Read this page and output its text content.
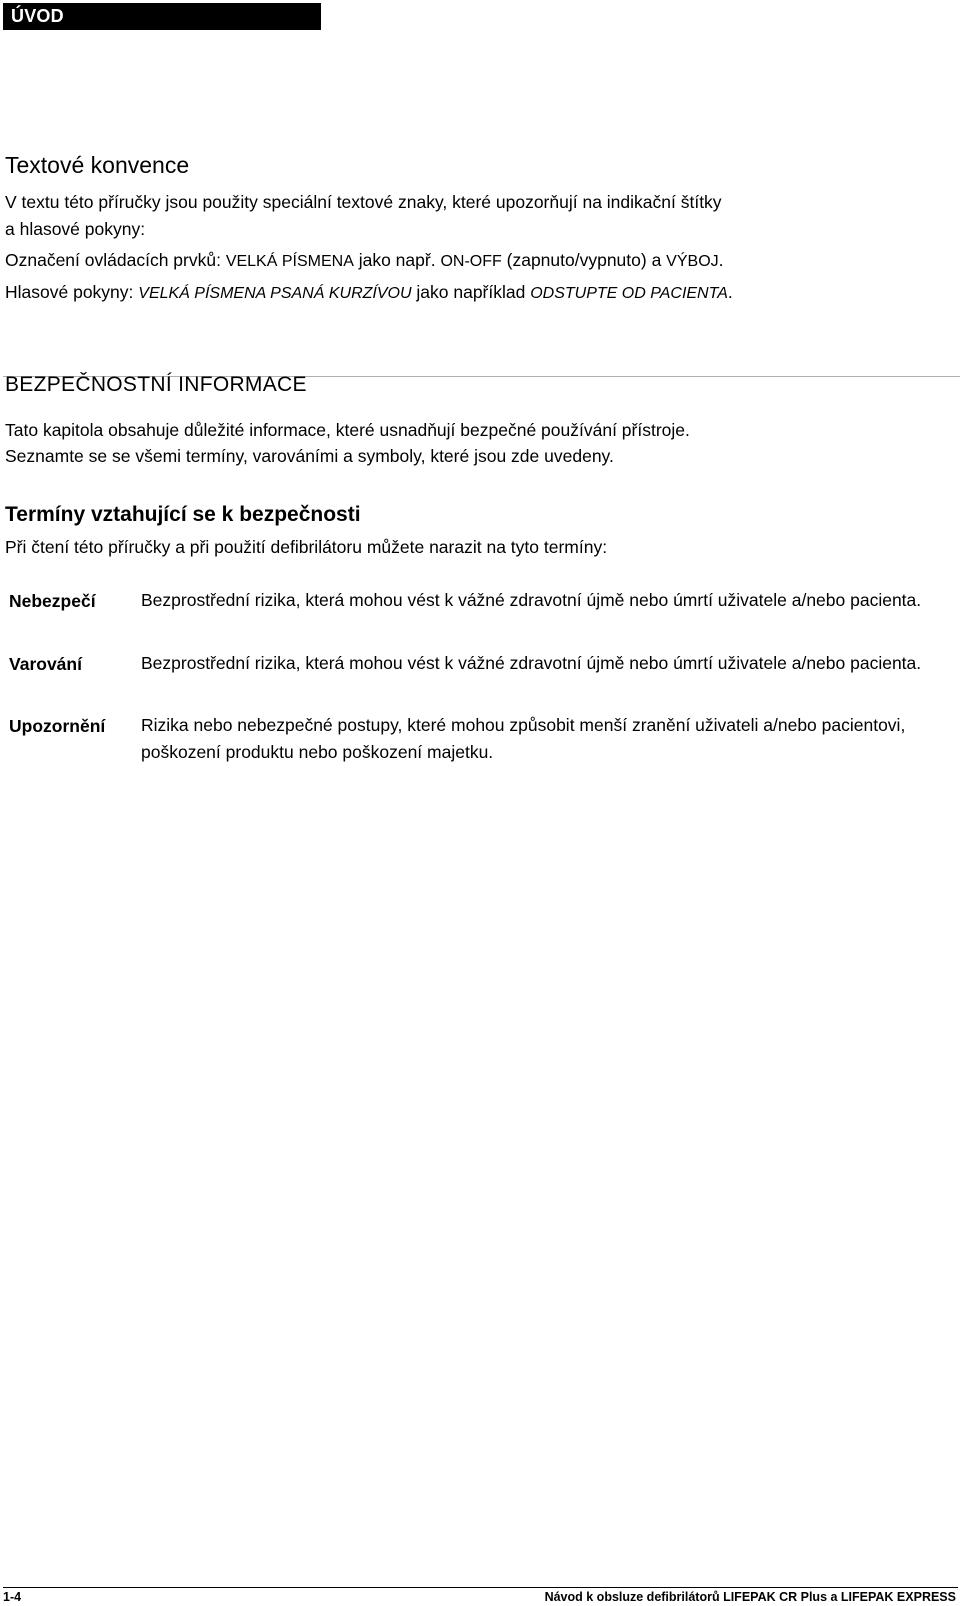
ÚVOD
Textové konvence
V textu této příručky jsou použity speciální textové znaky, které upozorňují na indikační štítky
a hlasové pokyny:
Označení ovládacích prvků: VELKÁ PÍSMENA jako např. ON-OFF (zapnuto/vypnuto) a VÝBOJ.
Hlasové pokyny: VELKÁ PÍSMENA PSANÁ KURZÍVOU jako například ODSTUPTE OD PACIENTA.
BEZPEČNOSTNÍ INFORMACE
Tato kapitola obsahuje důležité informace, které usnadňují bezpečné používání přístroje.
Seznamte se se všemi termíny, varováními a symboly, které jsou zde uvedeny.
Termíny vztahující se k bezpečnosti
Při čtení této příručky a při použití defibrilátoru můžete narazit na tyto termíny:
Nebezpečí	Bezprostřední rizika, která mohou vést k vážné zdravotní újmě nebo úmrtí uživatele a/nebo pacienta.
Varování	Bezprostřední rizika, která mohou vést k vážné zdravotní újmě nebo úmrtí uživatele a/nebo pacienta.
Upozornění Rizika nebo nebezpečné postupy, které mohou způsobit menší zranění uživateli a/nebo pacientovi, poškození produktu nebo poškození majetku.
1-4	Návod k obsluze defibrilátorů LIFEPAK CR Plus a LIFEPAK EXPRESS
